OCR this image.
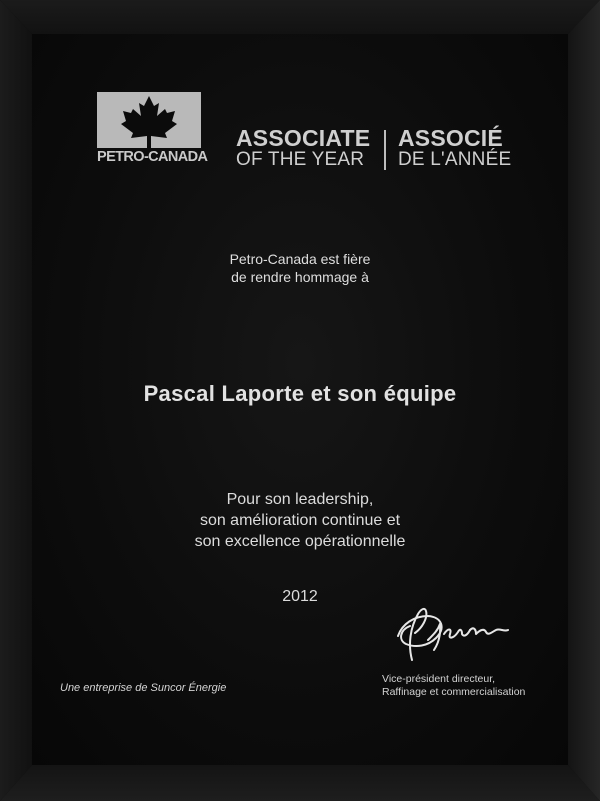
PETRO-CANADA
ASSOCIATE
OF THE YEAR
ASSOCIÉ
DE L'ANNÉE
Petro-Canada est fière
de rendre hommage à
Pascal Laporte et son équipe
Pour son leadership,
son amélioration continue et
son excellence opérationnelle
2012
Une entreprise de Suncor Énergie
Vice-président directeur,
Raffinage et commercialisation
